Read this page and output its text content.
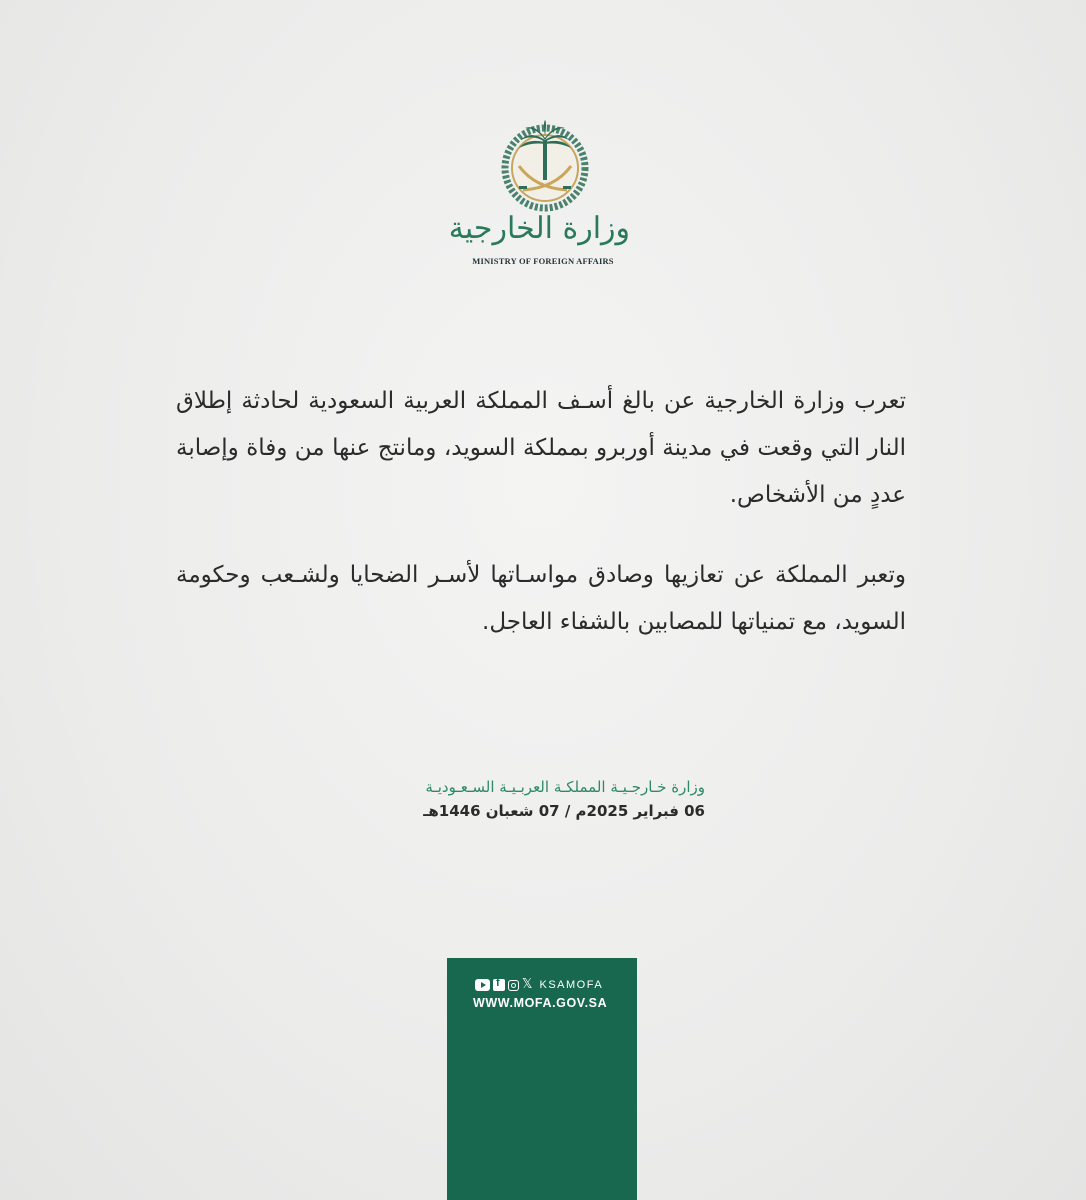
وزارة الخارجية
MINISTRY OF FOREIGN AFFAIRS

تعرب وزارة الخارجية عن بالغ أسـف المملكة العربية السعودية لحادثة إطلاق النار التي وقعت في مدينة أوربرو بمملكة السويد، ومانتج عنها من وفاة وإصابة عددٍ من الأشخاص.

وتعبر المملكة عن تعازيها وصادق مواسـاتها لأسـر الضحايا ولشـعب وحكومة السويد، مع تمنياتها للمصابين بالشفاء العاجل.

وزارة خـارجـيـة المملكـة العربـيـة السـعـوديـة
06 فبراير 2025م / 07 شعبان 1446هـ
f
𝕏 KSAMOFA
WWW.MOFA.GOV.SA
